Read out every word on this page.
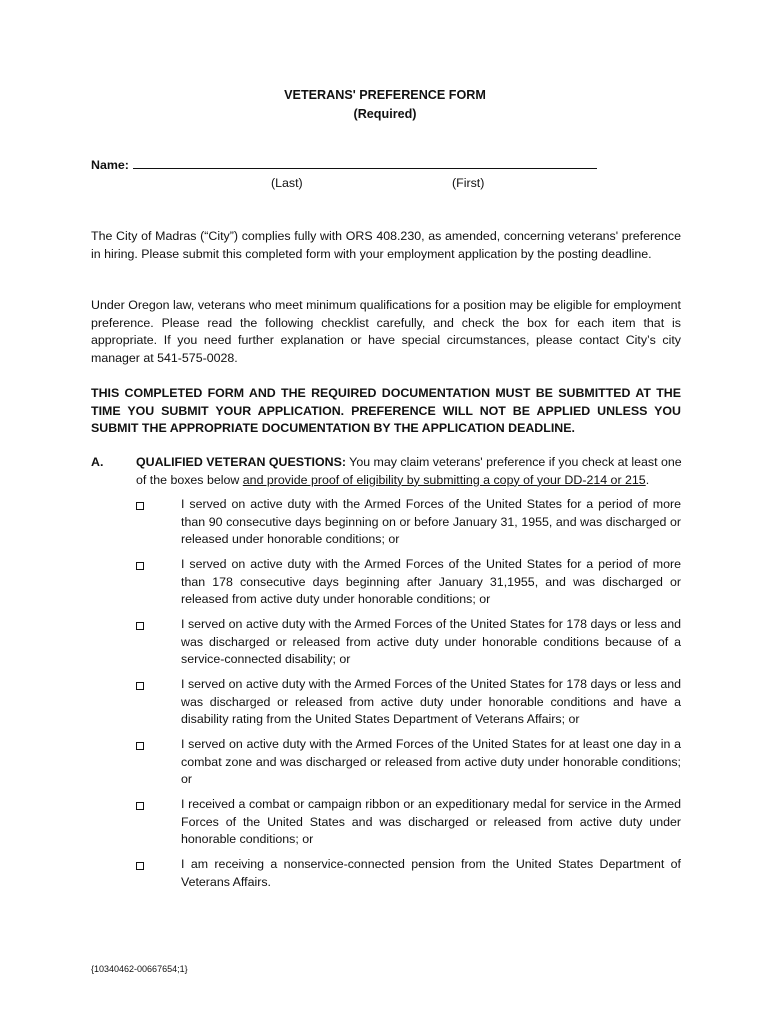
VETERANS' PREFERENCE FORM
(Required)
Name:
(Last)	(First)
The City of Madras (“City”) complies fully with ORS 408.230, as amended, concerning veterans' preference in hiring. Please submit this completed form with your employment application by the posting deadline.
Under Oregon law, veterans who meet minimum qualifications for a position may be eligible for employment preference. Please read the following checklist carefully, and check the box for each item that is appropriate. If you need further explanation or have special circumstances, please contact City’s city manager at 541-575-0028.
THIS COMPLETED FORM AND THE REQUIRED DOCUMENTATION MUST BE SUBMITTED AT THE TIME YOU SUBMIT YOUR APPLICATION. PREFERENCE WILL NOT BE APPLIED UNLESS YOU SUBMIT THE APPROPRIATE DOCUMENTATION BY THE APPLICATION DEADLINE.
A.	QUALIFIED VETERAN QUESTIONS: You may claim veterans' preference if you check at least one of the boxes below and provide proof of eligibility by submitting a copy of your DD-214 or 215.
I served on active duty with the Armed Forces of the United States for a period of more than 90 consecutive days beginning on or before January 31, 1955, and was discharged or released under honorable conditions; or
I served on active duty with the Armed Forces of the United States for a period of more than 178 consecutive days beginning after January 31,1955, and was discharged or released from active duty under honorable conditions; or
I served on active duty with the Armed Forces of the United States for 178 days or less and was discharged or released from active duty under honorable conditions because of a service-connected disability; or
I served on active duty with the Armed Forces of the United States for 178 days or less and was discharged or released from active duty under honorable conditions and have a disability rating from the United States Department of Veterans Affairs; or
I served on active duty with the Armed Forces of the United States for at least one day in a combat zone and was discharged or released from active duty under honorable conditions; or
I received a combat or campaign ribbon or an expeditionary medal for service in the Armed Forces of the United States and was discharged or released from active duty under honorable conditions; or
I am receiving a nonservice-connected pension from the United States Department of Veterans Affairs.
{10340462-00667654;1}
